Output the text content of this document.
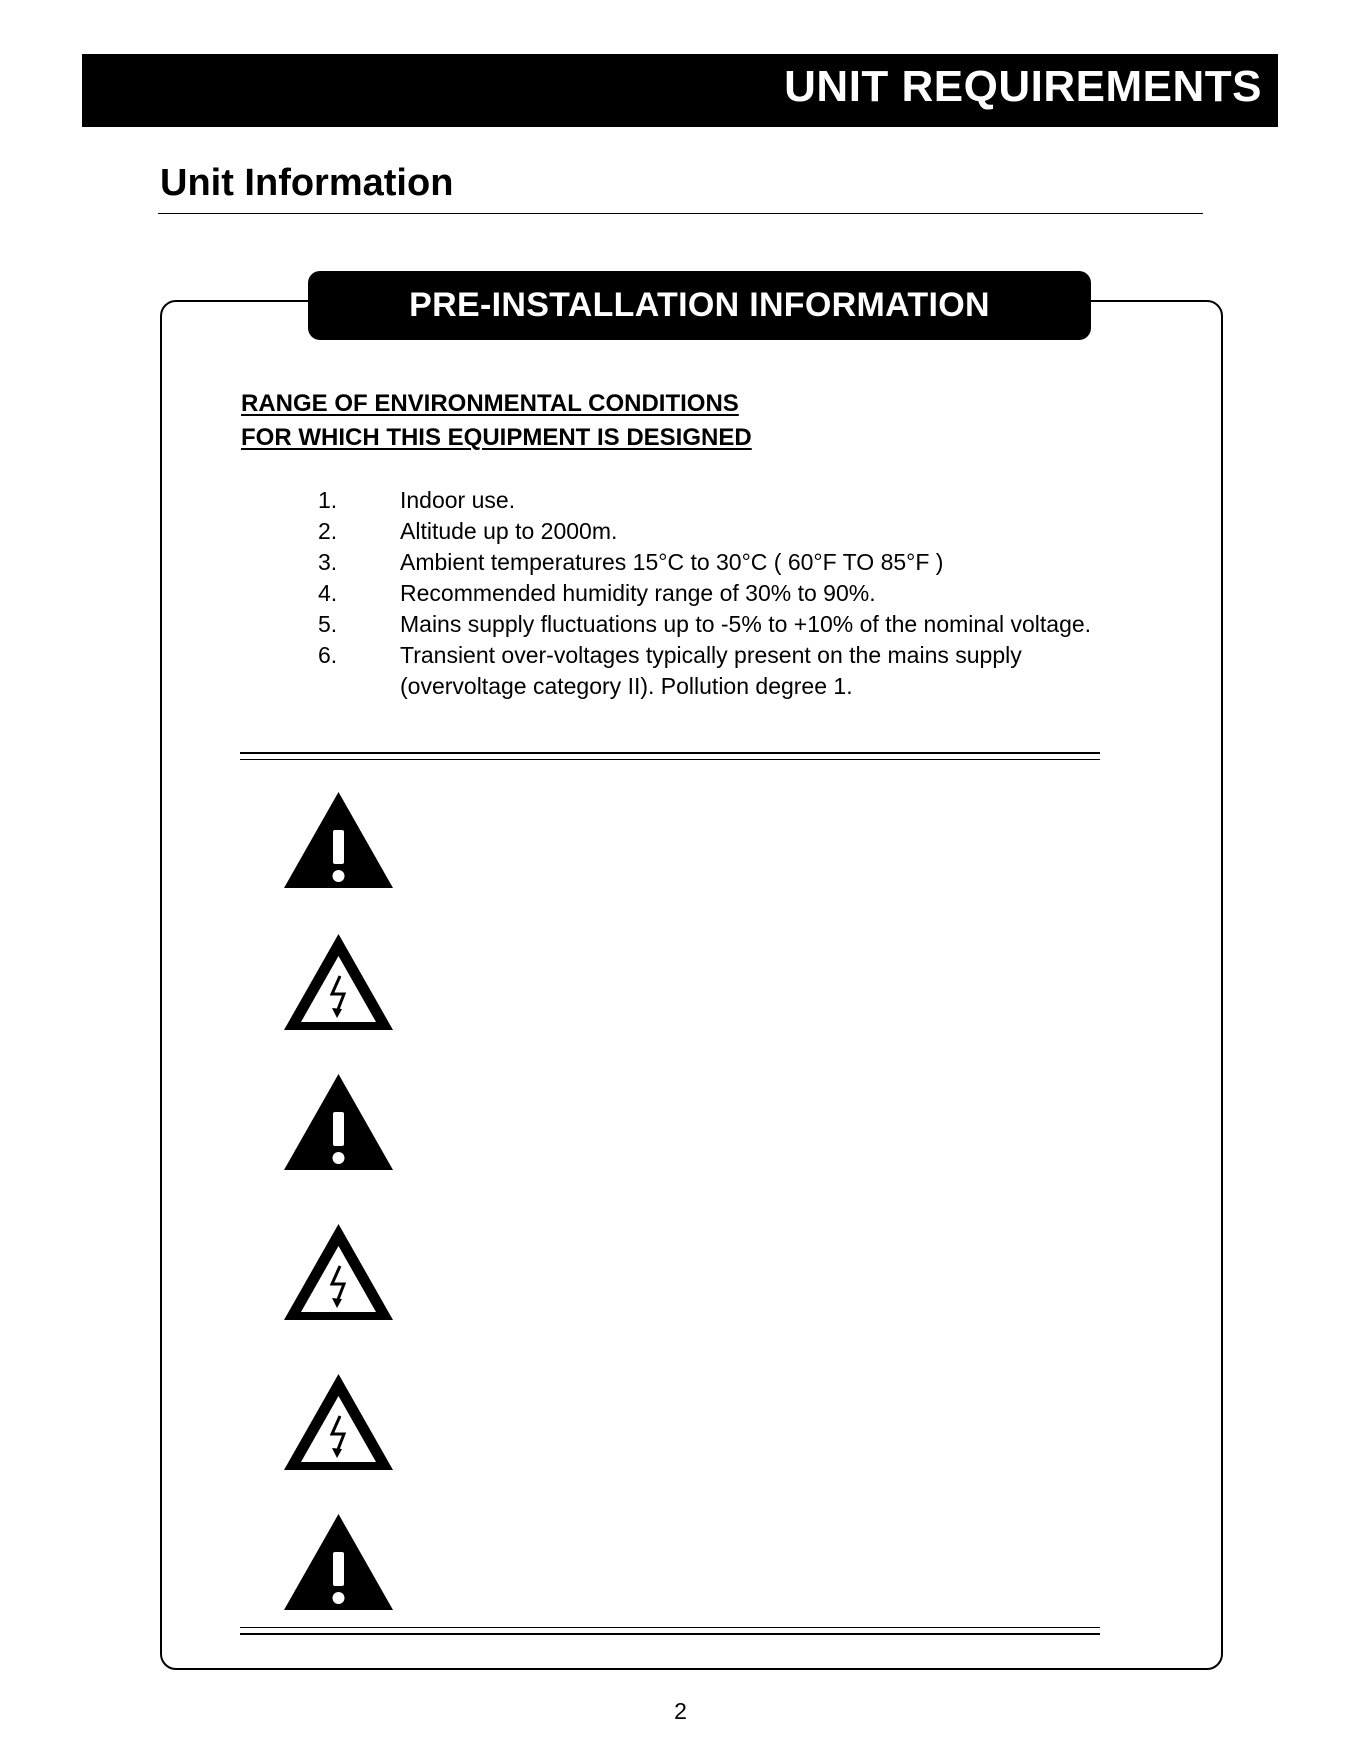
UNIT REQUIREMENTS
Unit Information
PRE-INSTALLATION INFORMATION
RANGE OF ENVIRONMENTAL CONDITIONS
FOR WHICH THIS EQUIPMENT IS DESIGNED
1.	Indoor use.
2.	Altitude up to 2000m.
3.	Ambient temperatures 15°C to 30°C ( 60°F TO 85°F )
4.	Recommended humidity range of 30% to 90%.
5.	Mains supply fluctuations up to -5% to +10% of the nominal voltage.
6.	Transient over-voltages typically present on the mains supply
(overvoltage category II). Pollution degree 1.
2
